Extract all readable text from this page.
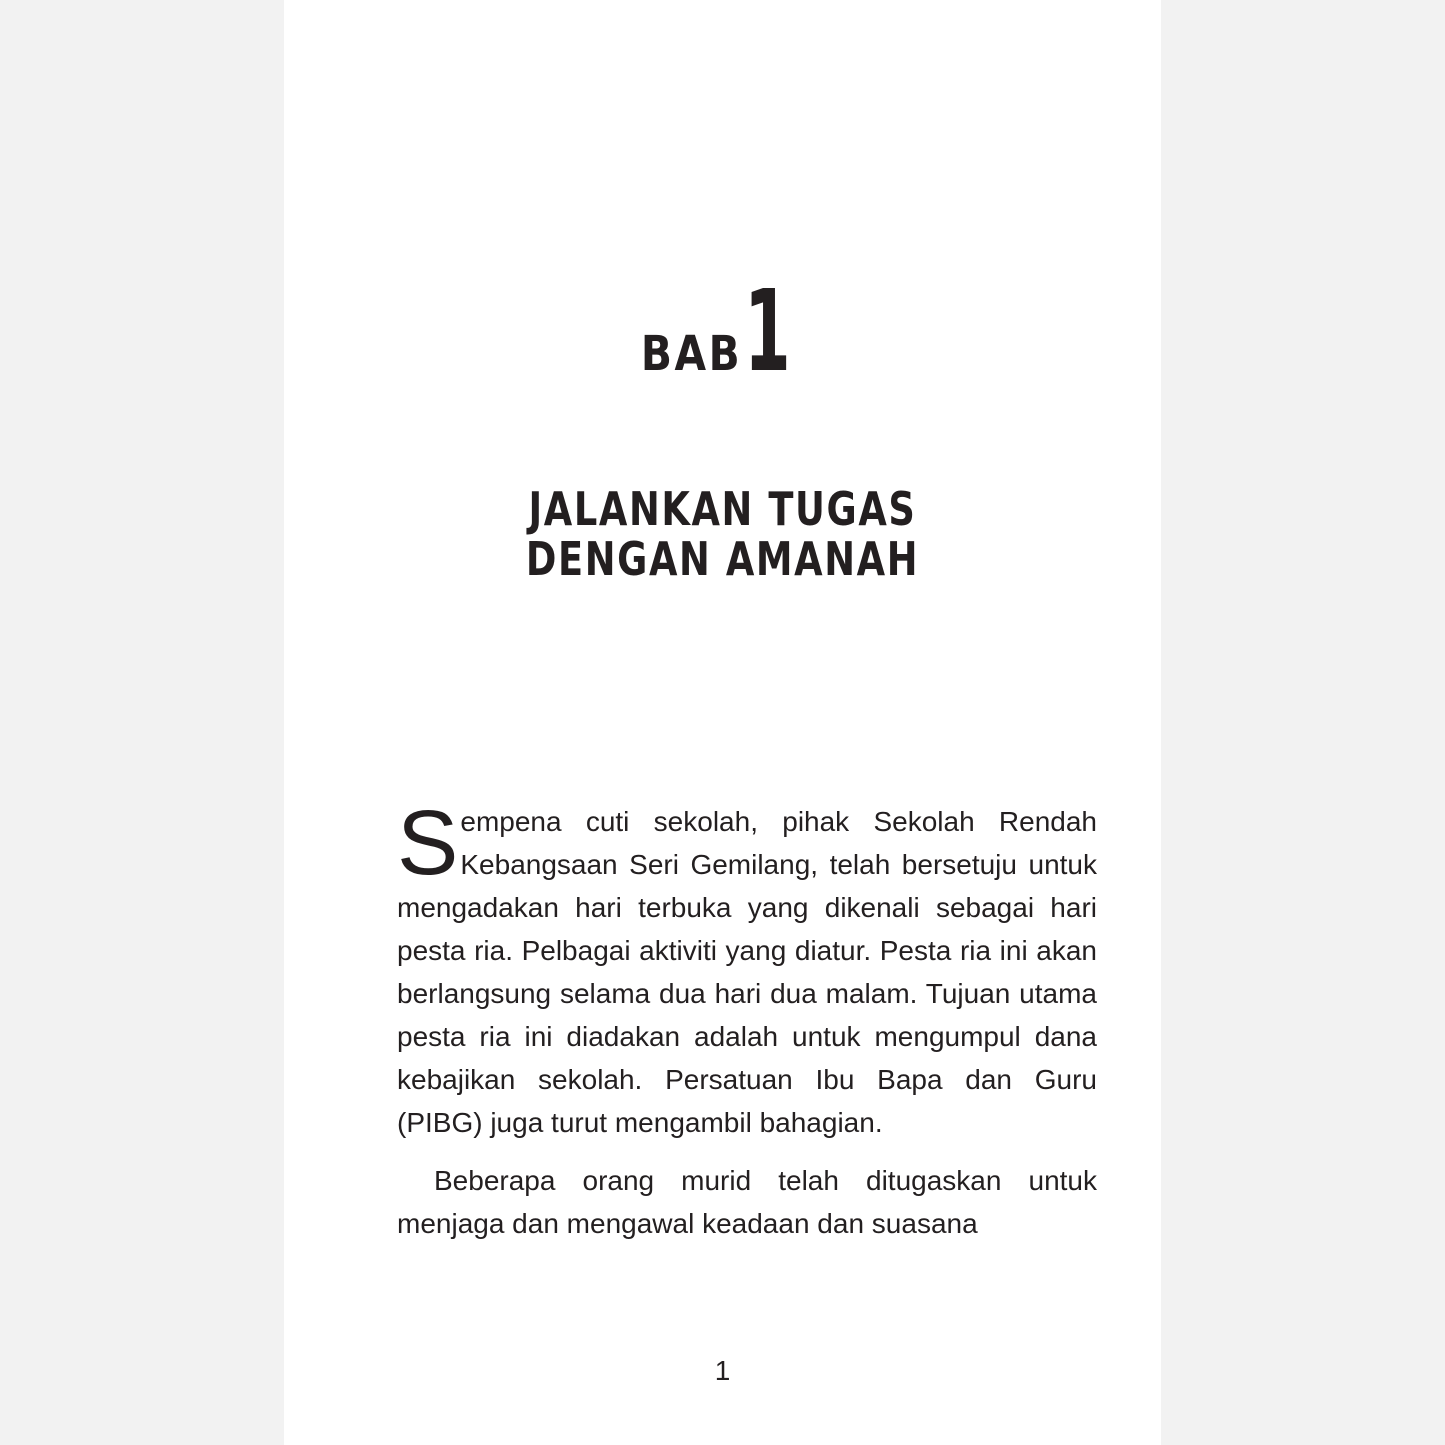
BAB1
JALANKAN TUGAS
DENGAN AMANAH

Sempena cuti sekolah, pihak Sekolah Rendah Kebangsaan Seri Gemilang, telah bersetuju untuk mengadakan hari terbuka yang dikenali sebagai hari pesta ria. Pelbagai aktiviti yang diatur. Pesta ria ini akan berlangsung selama dua hari dua malam. Tujuan utama pesta ria ini diadakan adalah untuk mengumpul dana kebajikan sekolah. Persatuan Ibu Bapa dan Guru (PIBG) juga turut mengambil bahagian.

Beberapa orang murid telah ditugaskan untuk menjaga dan mengawal keadaan dan suasana

1
